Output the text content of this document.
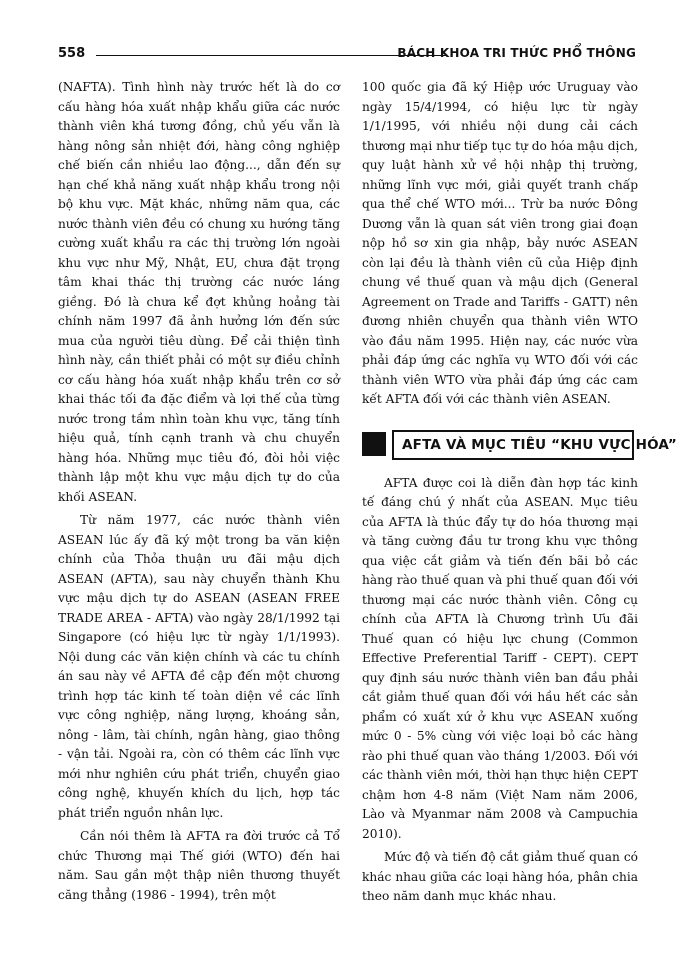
558	BÁCH KHOA TRI THỨC PHỔ THÔNG

(NAFTA). Tình hình này trước hết là do cơ cấu hàng hóa xuất nhập khẩu giữa các nước thành viên khá tương đồng, chủ yếu vẫn là hàng nông sản nhiệt đới, hàng công nghiệp chế biến cần nhiều lao động..., dẫn đến sự hạn chế khả năng xuất nhập khẩu trong nội bộ khu vực. Mặt khác, những năm qua, các nước thành viên đều có chung xu hướng tăng cường xuất khẩu ra các thị trường lớn ngoài khu vực như Mỹ, Nhật, EU, chưa đặt trọng tâm khai thác thị trường các nước láng giềng. Đó là chưa kể đợt khủng hoảng tài chính năm 1997 đã ảnh hưởng lớn đến sức mua của người tiêu dùng. Để cải thiện tình hình này, cần thiết phải có một sự điều chỉnh cơ cấu hàng hóa xuất nhập khẩu trên cơ sở khai thác tối đa đặc điểm và lợi thế của từng nước trong tầm nhìn toàn khu vực, tăng tính hiệu quả, tính cạnh tranh và chu chuyển hàng hóa. Những mục tiêu đó, đòi hỏi việc thành lập một khu vực mậu dịch tự do của khối ASEAN.

Từ năm 1977, các nước thành viên ASEAN lúc ấy đã ký một trong ba văn kiện chính của Thỏa thuận ưu đãi mậu dịch ASEAN (AFTA), sau này chuyển thành Khu vực mậu dịch tự do ASEAN (ASEAN FREE TRADE AREA - AFTA) vào ngày 28/1/1992 tại Singapore (có hiệu lực từ ngày 1/1/1993). Nội dung các văn kiện chính và các tu chính án sau này về AFTA đề cập đến một chương trình hợp tác kinh tế toàn diện về các lĩnh vực công nghiệp, năng lượng, khoáng sản, nông - lâm, tài chính, ngân hàng, giao thông - vận tải. Ngoài ra, còn có thêm các lĩnh vực mới như nghiên cứu phát triển, chuyển giao công nghệ, khuyến khích du lịch, hợp tác phát triển nguồn nhân lực.

Cần nói thêm là AFTA ra đời trước cả Tổ chức Thương mại Thế giới (WTO) đến hai năm. Sau gần một thập niên thương thuyết căng thẳng (1986 - 1994), trên một

100 quốc gia đã ký Hiệp ước Uruguay vào ngày 15/4/1994, có hiệu lực từ ngày 1/1/1995, với nhiều nội dung cải cách thương mại như tiếp tục tự do hóa mậu dịch, quy luật hành xử về hội nhập thị trường, những lĩnh vực mới, giải quyết tranh chấp qua thể chế WTO mới... Trừ ba nước Đông Dương vẫn là quan sát viên trong giai đoạn nộp hồ sơ xin gia nhập, bảy nước ASEAN còn lại đều là thành viên cũ của Hiệp định chung về thuế quan và mậu dịch (General Agreement on Trade and Tariffs - GATT) nên đương nhiên chuyển qua thành viên WTO vào đầu năm 1995. Hiện nay, các nước vừa phải đáp ứng các nghĩa vụ WTO đối với các thành viên WTO vừa phải đáp ứng các cam kết AFTA đối với các thành viên ASEAN.

AFTA VÀ MỤC TIÊU “KHU VỰC HÓA”

AFTA được coi là diễn đàn hợp tác kinh tế đáng chú ý nhất của ASEAN. Mục tiêu của AFTA là thúc đẩy tự do hóa thương mại và tăng cường đầu tư trong khu vực thông qua việc cắt giảm và tiến đến bãi bỏ các hàng rào thuế quan và phi thuế quan đối với thương mại các nước thành viên. Công cụ chính của AFTA là Chương trình Ưu đãi Thuế quan có hiệu lực chung (Common Effective Preferential Tariff - CEPT). CEPT quy định sáu nước thành viên ban đầu phải cắt giảm thuế quan đối với hầu hết các sản phẩm có xuất xứ ở khu vực ASEAN xuống mức 0 - 5% cùng với việc loại bỏ các hàng rào phi thuế quan vào tháng 1/2003. Đối với các thành viên mới, thời hạn thực hiện CEPT chậm hơn 4-8 năm (Việt Nam năm 2006, Lào và Myanmar năm 2008 và Campuchia 2010).

Mức độ và tiến độ cắt giảm thuế quan có khác nhau giữa các loại hàng hóa, phân chia theo năm danh mục khác nhau.
